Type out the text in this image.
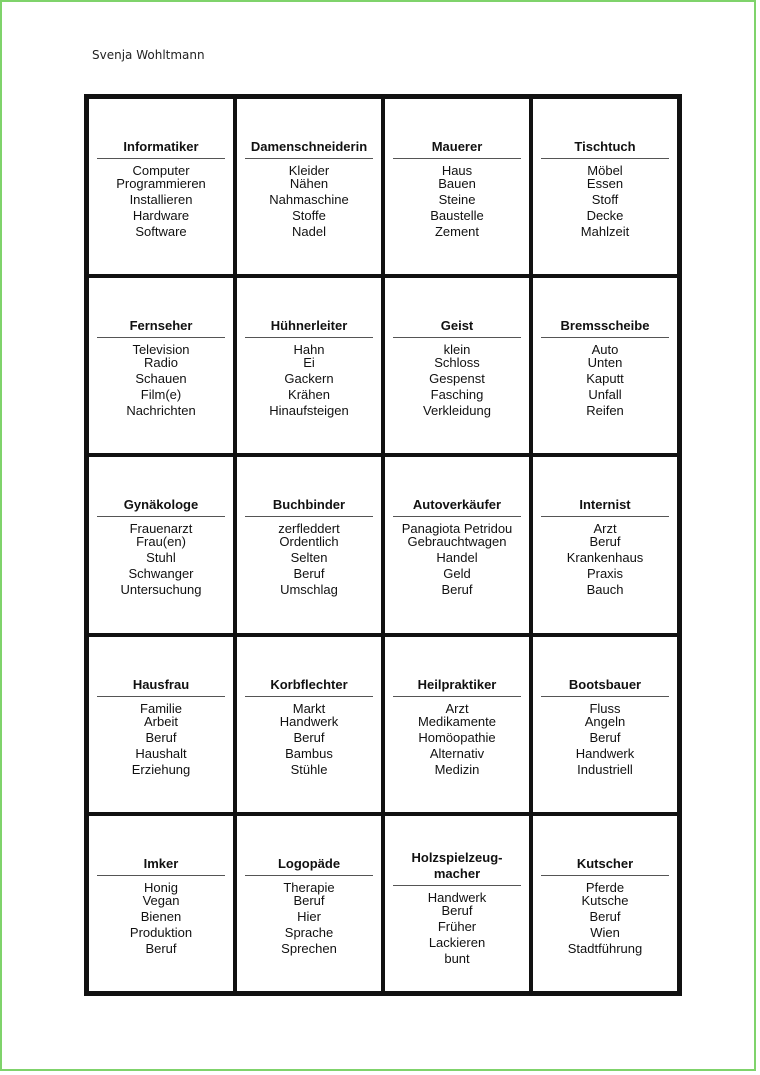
Svenja Wohltmann
Informatiker
Computer
Programmieren
Installieren
Hardware
Software
Damenschneiderin
Kleider
Nähen
Nahmaschine
Stoffe
Nadel
Mauerer
Haus
Bauen
Steine
Baustelle
Zement
Tischtuch
Möbel
Essen
Stoff
Decke
Mahlzeit
Fernseher
Television
Radio
Schauen
Film(e)
Nachrichten
Hühnerleiter
Hahn
Ei
Gackern
Krähen
Hinaufsteigen
Geist
klein
Schloss
Gespenst
Fasching
Verkleidung
Bremsscheibe
Auto
Unten
Kaputt
Unfall
Reifen
Gynäkologe
Frauenarzt
Frau(en)
Stuhl
Schwanger
Untersuchung
Buchbinder
zerfleddert
Ordentlich
Selten
Beruf
Umschlag
Autoverkäufer
Panagiota Petridou
Gebrauchtwagen
Handel
Geld
Beruf
Internist
Arzt
Beruf
Krankenhaus
Praxis
Bauch
Hausfrau
Familie
Arbeit
Beruf
Haushalt
Erziehung
Korbflechter
Markt
Handwerk
Beruf
Bambus
Stühle
Heilpraktiker
Arzt
Medikamente
Homöopathie
Alternativ
Medizin
Bootsbauer
Fluss
Angeln
Beruf
Handwerk
Industriell
Imker
Honig
Vegan
Bienen
Produktion
Beruf
Logopäde
Therapie
Beruf
Hier
Sprache
Sprechen
Holzspielzeug-macher
Handwerk
Beruf
Früher
Lackieren
bunt
Kutscher
Pferde
Kutsche
Beruf
Wien
Stadtführung
